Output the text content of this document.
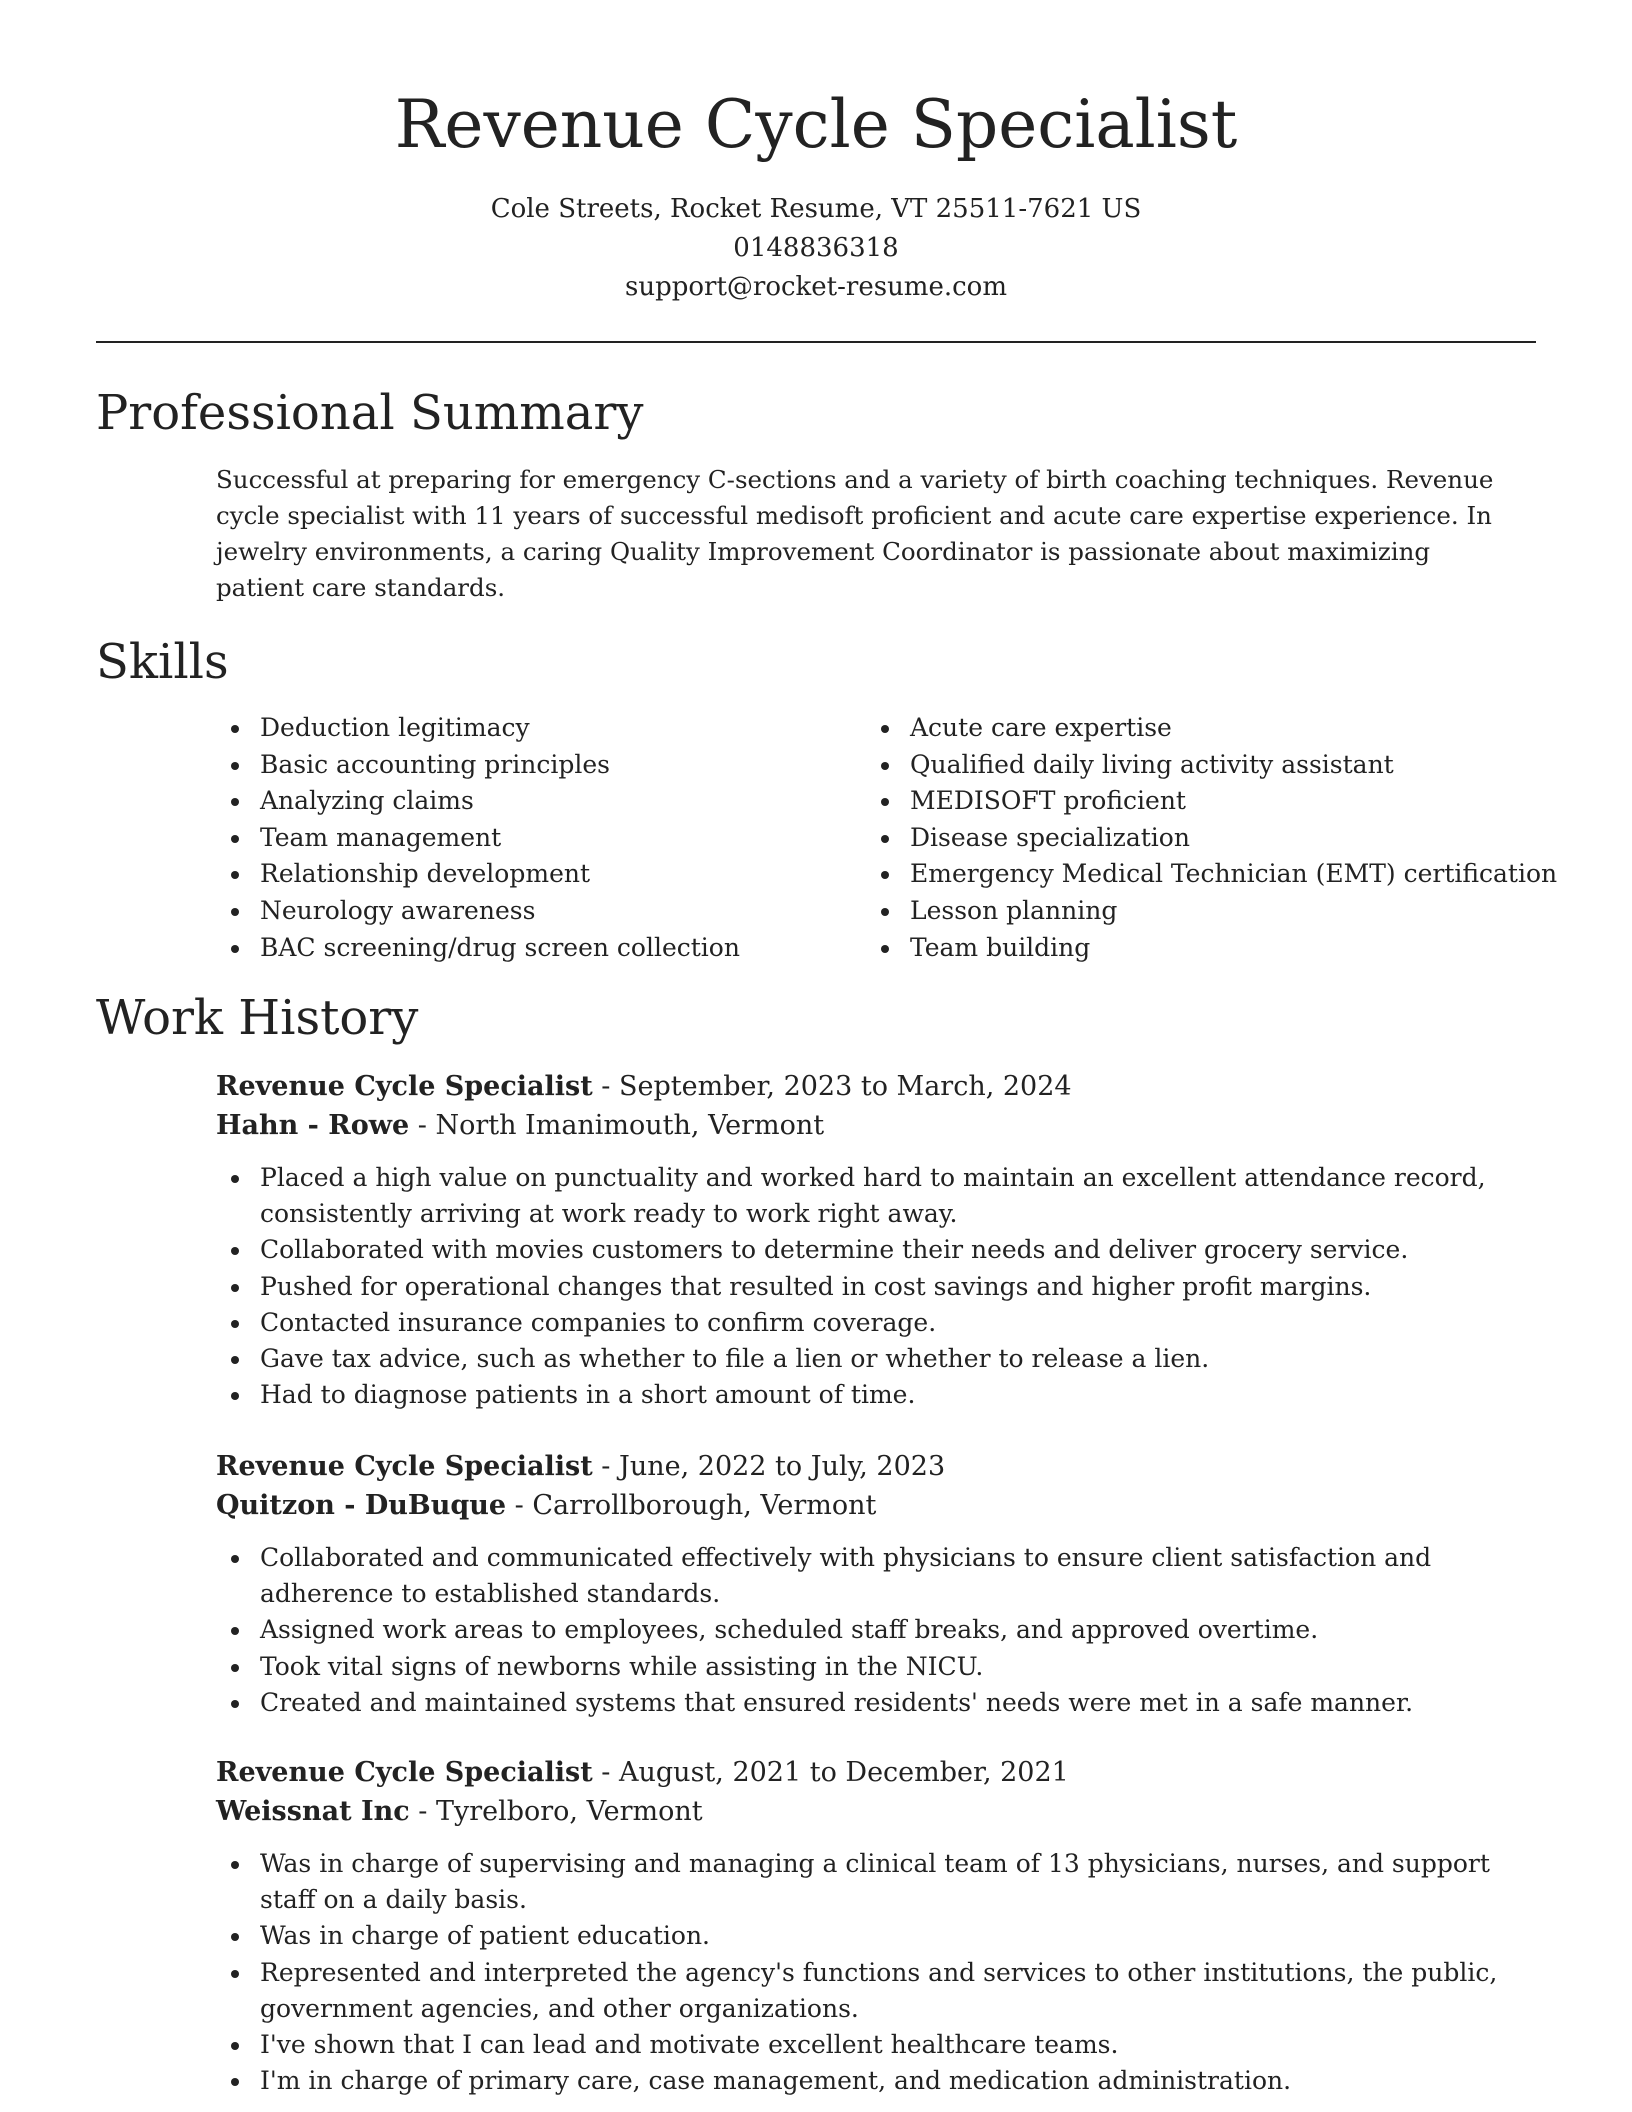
Revenue Cycle Specialist
Cole Streets, Rocket Resume, VT 25511-7621 US
0148836318
support@rocket-resume.com
Professional Summary

Successful at preparing for emergency C-sections and a variety of birth coaching techniques. Revenue cycle specialist with 11 years of successful medisoft proficient and acute care expertise experience. In jewelry environments, a caring Quality Improvement Coordinator is passionate about maximizing patient care standards.

Skills
Deduction legitimacy
Basic accounting principles
Analyzing claims
Team management
Relationship development
Neurology awareness
BAC screening/drug screen collection
Acute care expertise
Qualified daily living activity assistant
MEDISOFT proficient
Disease specialization
Emergency Medical Technician (EMT) certification
Lesson planning
Team building
Work History
Revenue Cycle Specialist - September, 2023 to March, 2024
Hahn - Rowe - North Imanimouth, Vermont
Placed a high value on punctuality and worked hard to maintain an excellent attendance record, consistently arriving at work ready to work right away.
Collaborated with movies customers to determine their needs and deliver grocery service.
Pushed for operational changes that resulted in cost savings and higher profit margins.
Contacted insurance companies to confirm coverage.
Gave tax advice, such as whether to file a lien or whether to release a lien.
Had to diagnose patients in a short amount of time.
Revenue Cycle Specialist - June, 2022 to July, 2023
Quitzon - DuBuque - Carrollborough, Vermont
Collaborated and communicated effectively with physicians to ensure client satisfaction and adherence to established standards.
Assigned work areas to employees, scheduled staff breaks, and approved overtime.
Took vital signs of newborns while assisting in the NICU.
Created and maintained systems that ensured residents' needs were met in a safe manner.
Revenue Cycle Specialist - August, 2021 to December, 2021
Weissnat Inc - Tyrelboro, Vermont
Was in charge of supervising and managing a clinical team of 13 physicians, nurses, and support staff on a daily basis.
Was in charge of patient education.
Represented and interpreted the agency's functions and services to other institutions, the public, government agencies, and other organizations.
I've shown that I can lead and motivate excellent healthcare teams.
I'm in charge of primary care, case management, and medication administration.
